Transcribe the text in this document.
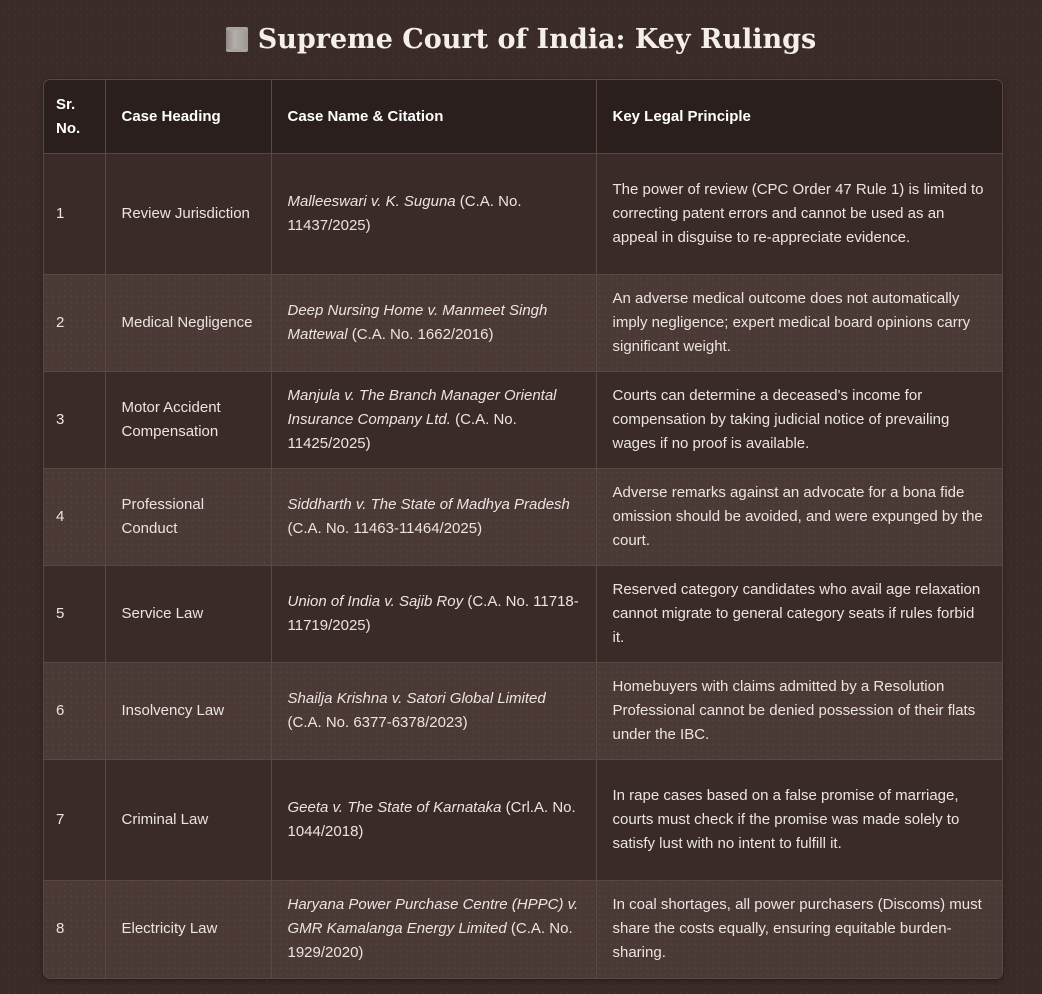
Supreme Court of India: Key Rulings
Sr. No.	Case Heading	Case Name & Citation	Key Legal Principle
1	Review Jurisdiction	Malleeswari v. K. Suguna (C.A. No. 11437/2025)	The power of review (CPC Order 47 Rule 1) is limited to correcting patent errors and cannot be used as an appeal in disguise to re-appreciate evidence.
2	Medical Negligence	Deep Nursing Home v. Manmeet Singh Mattewal (C.A. No. 1662/2016)	An adverse medical outcome does not automatically imply negligence; expert medical board opinions carry significant weight.
3	Motor Accident Compensation	Manjula v. The Branch Manager Oriental Insurance Company Ltd. (C.A. No. 11425/2025)	Courts can determine a deceased's income for compensation by taking judicial notice of prevailing wages if no proof is available.
4	Professional Conduct	Siddharth v. The State of Madhya Pradesh (C.A. No. 11463-11464/2025)	Adverse remarks against an advocate for a bona fide omission should be avoided, and were expunged by the court.
5	Service Law	Union of India v. Sajib Roy (C.A. No. 11718-11719/2025)	Reserved category candidates who avail age relaxation cannot migrate to general category seats if rules forbid it.
6	Insolvency Law	Shailja Krishna v. Satori Global Limited (C.A. No. 6377-6378/2023)	Homebuyers with claims admitted by a Resolution Professional cannot be denied possession of their flats under the IBC.
7	Criminal Law	Geeta v. The State of Karnataka (Crl.A. No. 1044/2018)	In rape cases based on a false promise of marriage, courts must check if the promise was made solely to satisfy lust with no intent to fulfill it.
8	Electricity Law	Haryana Power Purchase Centre (HPPC) v. GMR Kamalanga Energy Limited (C.A. No. 1929/2020)	In coal shortages, all power purchasers (Discoms) must share the costs equally, ensuring equitable burden-sharing.
